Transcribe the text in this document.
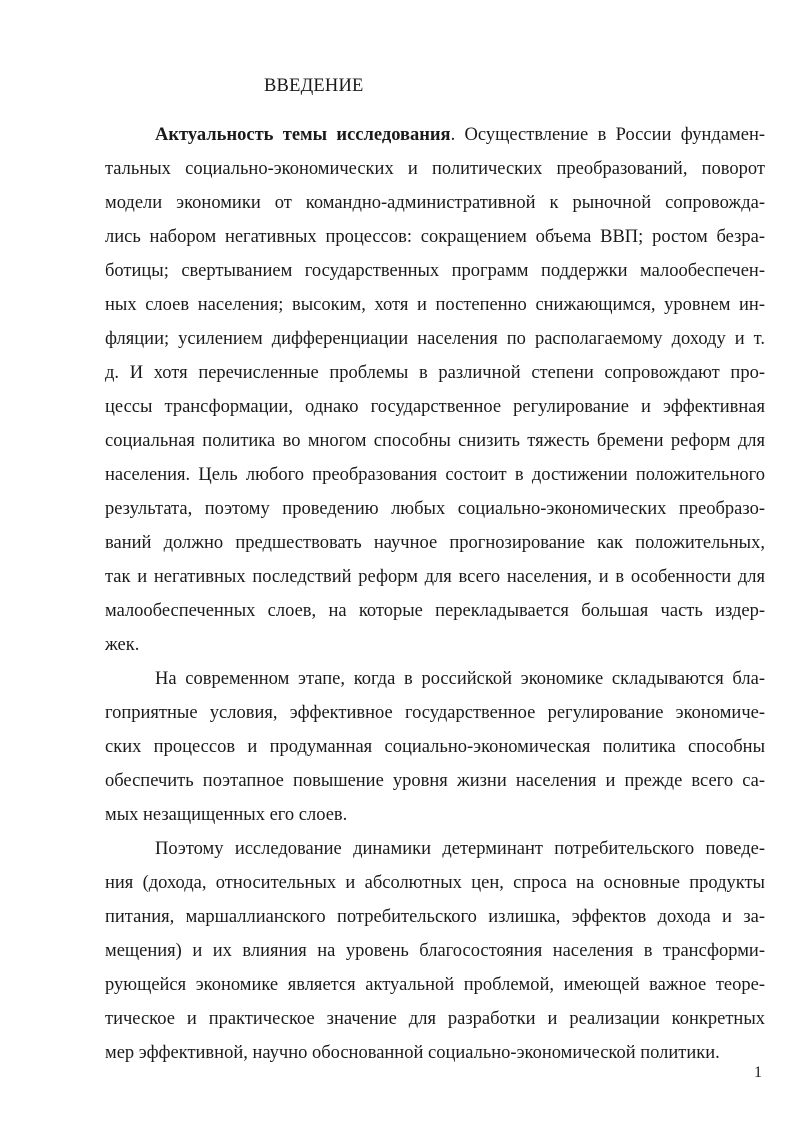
ВВЕДЕНИЕ
Актуальность темы исследования. Осуществление в России фундамен-
тальных социально-экономических и политических преобразований, поворот
модели экономики от командно-административной к рыночной сопровожда-
лись набором негативных процессов: сокращением объема ВВП; ростом безра-
ботицы; свертыванием государственных программ поддержки малообеспечен-
ных слоев населения; высоким, хотя и постепенно снижающимся, уровнем ин-
фляции; усилением дифференциации населения по располагаемому доходу и т.
д. И хотя перечисленные проблемы в различной степени сопровождают про-
цессы трансформации, однако государственное регулирование и эффективная
социальная политика во многом способны снизить тяжесть бремени реформ для
населения. Цель любого преобразования состоит в достижении положительного
результата, поэтому проведению любых социально-экономических преобразо-
ваний должно предшествовать научное прогнозирование как положительных,
так и негативных последствий реформ для всего населения, и в особенности для
малообеспеченных слоев, на которые перекладывается большая часть издер-
жек.
На современном этапе, когда в российской экономике складываются бла-
гоприятные условия, эффективное государственное регулирование экономиче-
ских процессов и продуманная социально-экономическая политика способны
обеспечить поэтапное повышение уровня жизни населения и прежде всего са-
мых незащищенных его слоев.
Поэтому исследование динамики детерминант потребительского поведе-
ния (дохода, относительных и абсолютных цен, спроса на основные продукты
питания, маршаллианского потребительского излишка, эффектов дохода и за-
мещения) и их влияния на уровень благосостояния населения в трансформи-
рующейся экономике является актуальной проблемой, имеющей важное теоре-
тическое и практическое значение для разработки и реализации конкретных
мер эффективной, научно обоснованной социально-экономической политики.
1
